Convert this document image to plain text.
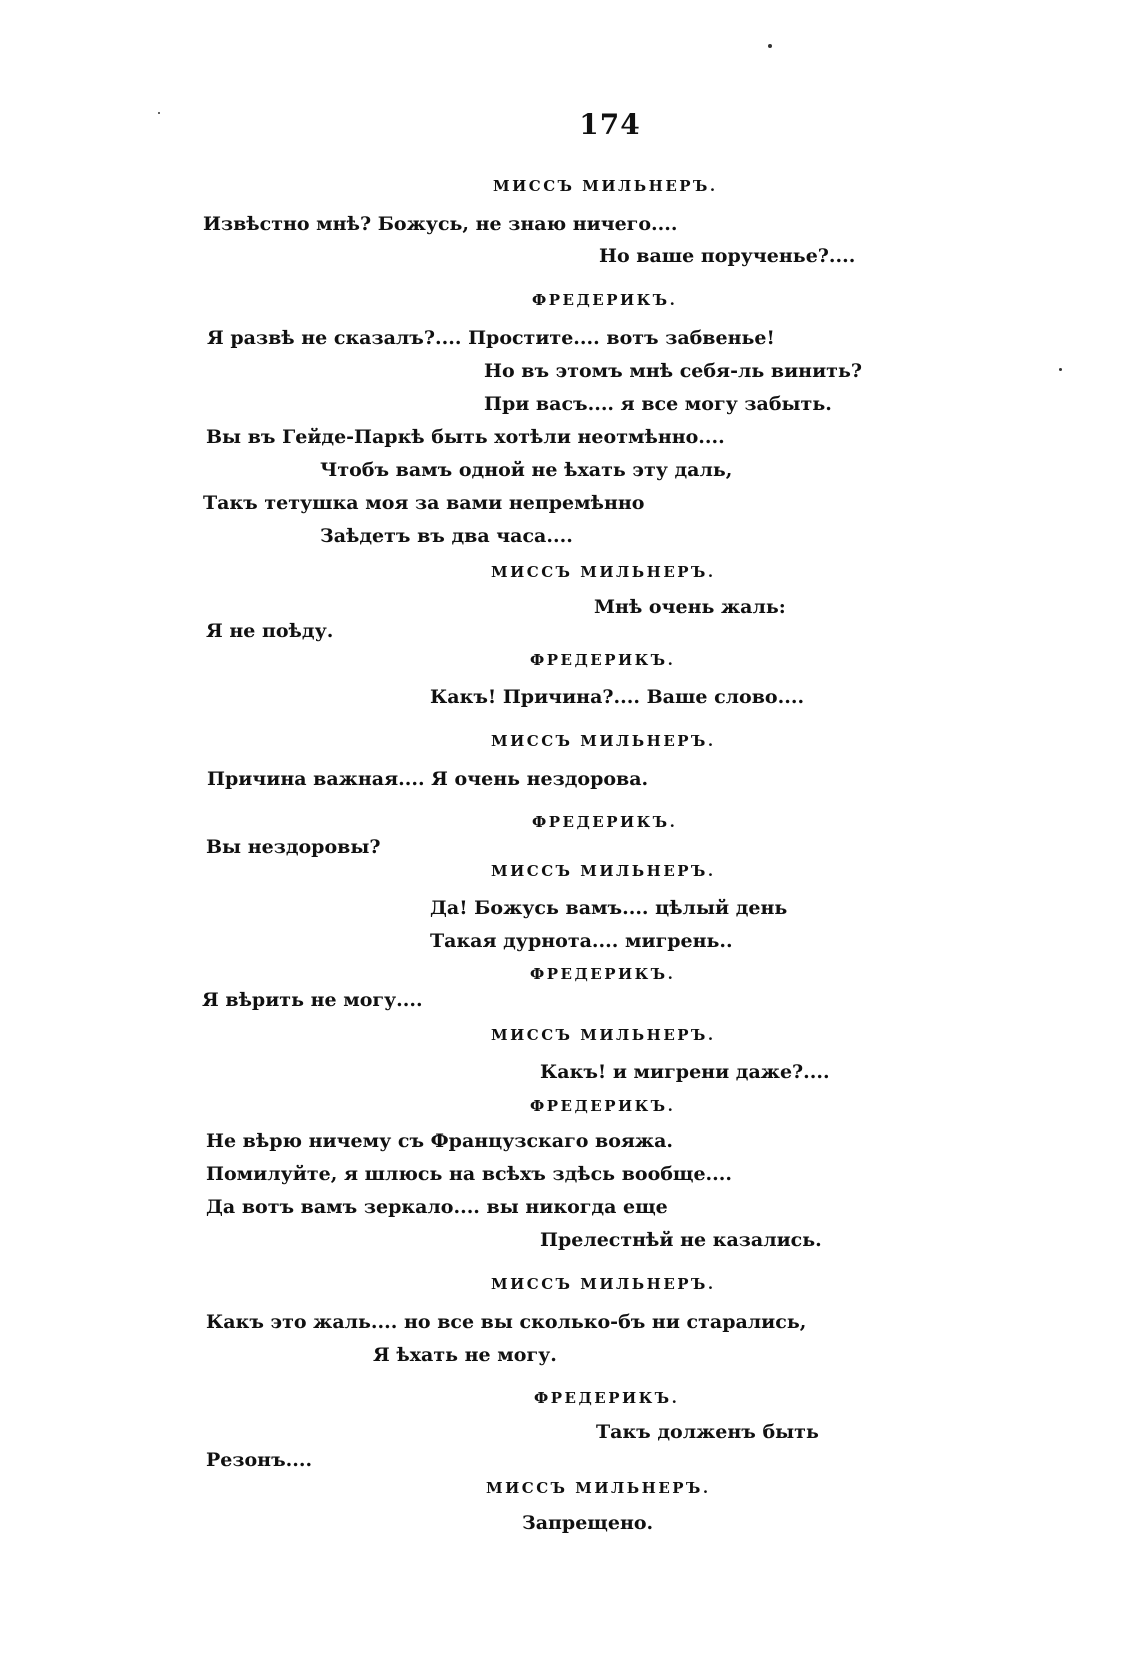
174
МИССЪ МИЛЬНЕРЪ.
Извѣстно мнѣ? Божусь, не знаю ничего....
Но ваше порученье?....
ФРЕДЕРИКЪ.
Я развѣ не сказалъ?.... Простите.... вотъ забвенье!
Но въ этомъ мнѣ себя-ль винить?
При васъ.... я все могу забыть.
Вы въ Гейде-Паркѣ быть хотѣли неотмѣнно....
Чтобъ вамъ одной не ѣхать эту даль,
Такъ тетушка моя за вами непремѣнно
Заѣдетъ въ два часа....
МИССЪ МИЛЬНЕРЪ.
Мнѣ очень жаль:
Я не поѣду.
ФРЕДЕРИКЪ.
Какъ! Причина?.... Ваше слово....
МИССЪ МИЛЬНЕРЪ.
Причина важная.... Я очень нездорова.
ФРЕДЕРИКЪ.
Вы нездоровы?
МИССЪ МИЛЬНЕРЪ.
Да! Божусь вамъ.... цѣлый день
Такая дурнота.... мигрень..
ФРЕДЕРИКЪ.
Я вѣрить не могу....
МИССЪ МИЛЬНЕРЪ.
Какъ! и мигрени даже?....
ФРЕДЕРИКЪ.
Не вѣрю ничему съ Французскаго вояжа.
Помилуйте, я шлюсь на всѣхъ здѣсь вообще....
Да вотъ вамъ зеркало.... вы никогда еще
Прелестнѣй не казались.
МИССЪ МИЛЬНЕРЪ.
Какъ это жаль.... но все вы сколько-бъ ни старались,
Я ѣхать не могу.
ФРЕДЕРИКЪ.
Такъ долженъ быть
Резонъ....
МИССЪ МИЛЬНЕРЪ.
Запрещено.
